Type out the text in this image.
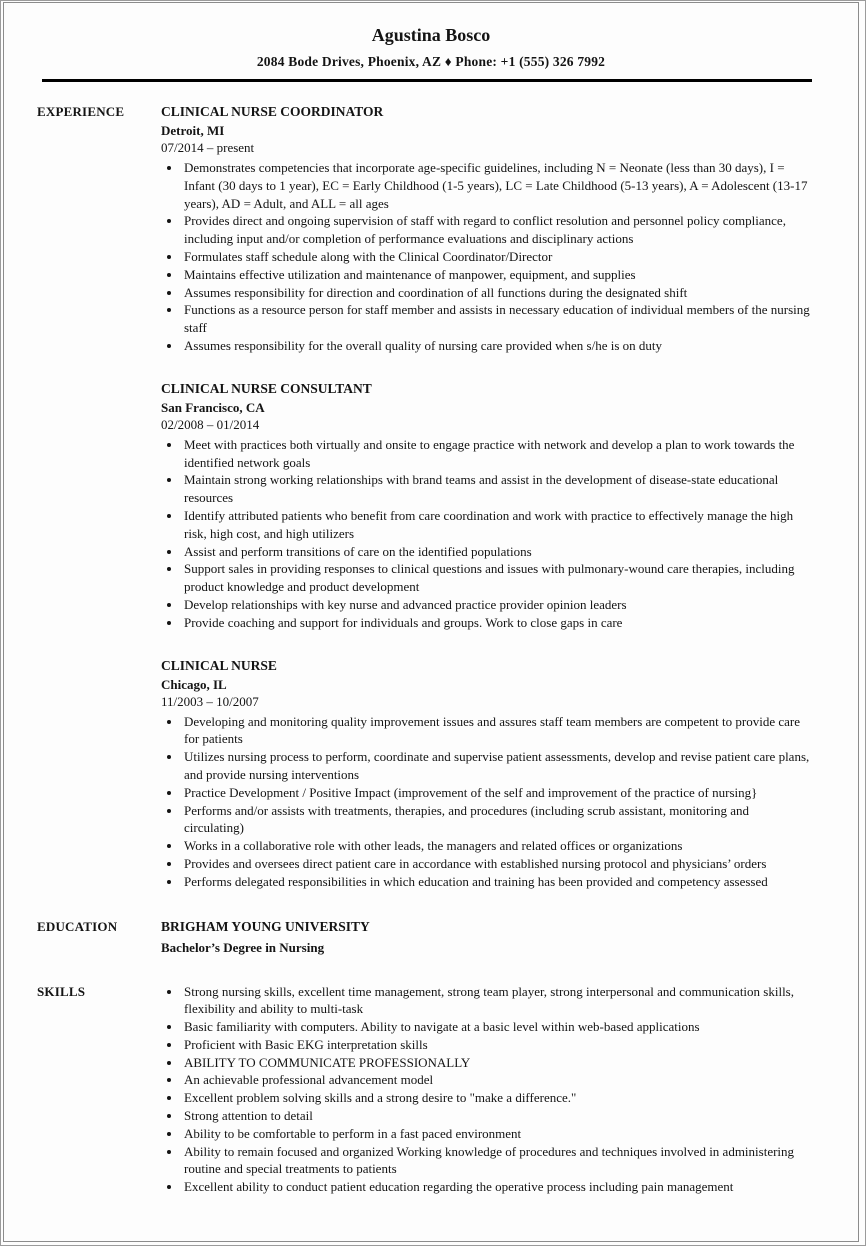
Agustina Bosco
2084 Bode Drives, Phoenix, AZ ♦ Phone: +1 (555) 326 7992
EXPERIENCE	CLINICAL NURSE COORDINATOR
Detroit, MI
07/2014 – present
• Demonstrates competencies that incorporate age-specific guidelines, including N = Neonate (less than 30 days), I = Infant (30 days to 1 year), EC = Early Childhood (1-5 years), LC = Late Childhood (5-13 years), A = Adolescent (13-17 years), AD = Adult, and ALL = all ages
• Provides direct and ongoing supervision of staff with regard to conflict resolution and personnel policy compliance, including input and/or completion of performance evaluations and disciplinary actions
• Formulates staff schedule along with the Clinical Coordinator/Director
• Maintains effective utilization and maintenance of manpower, equipment, and supplies
• Assumes responsibility for direction and coordination of all functions during the designated shift
• Functions as a resource person for staff member and assists in necessary education of individual members of the nursing staff
• Assumes responsibility for the overall quality of nursing care provided when s/he is on duty
CLINICAL NURSE CONSULTANT
San Francisco, CA
02/2008 – 01/2014
• Meet with practices both virtually and onsite to engage practice with network and develop a plan to work towards the identified network goals
• Maintain strong working relationships with brand teams and assist in the development of disease-state educational resources
• Identify attributed patients who benefit from care coordination and work with practice to effectively manage the high risk, high cost, and high utilizers
• Assist and perform transitions of care on the identified populations
• Support sales in providing responses to clinical questions and issues with pulmonary-wound care therapies, including product knowledge and product development
• Develop relationships with key nurse and advanced practice provider opinion leaders
• Provide coaching and support for individuals and groups. Work to close gaps in care
CLINICAL NURSE
Chicago, IL
11/2003 – 10/2007
• Developing and monitoring quality improvement issues and assures staff team members are competent to provide care for patients
• Utilizes nursing process to perform, coordinate and supervise patient assessments, develop and revise patient care plans, and provide nursing interventions
• Practice Development / Positive Impact (improvement of the self and improvement of the practice of nursing}
• Performs and/or assists with treatments, therapies, and procedures (including scrub assistant, monitoring and circulating)
• Works in a collaborative role with other leads, the managers and related offices or organizations
• Provides and oversees direct patient care in accordance with established nursing protocol and physicians’ orders
• Performs delegated responsibilities in which education and training has been provided and competency assessed
EDUCATION	BRIGHAM YOUNG UNIVERSITY
Bachelor’s Degree in Nursing
SKILLS	• Strong nursing skills, excellent time management, strong team player, strong interpersonal and communication skills, flexibility and ability to multi-task
• Basic familiarity with computers. Ability to navigate at a basic level within web-based applications
• Proficient with Basic EKG interpretation skills
• ABILITY TO COMMUNICATE PROFESSIONALLY
• An achievable professional advancement model
• Excellent problem solving skills and a strong desire to "make a difference."
• Strong attention to detail
• Ability to be comfortable to perform in a fast paced environment
• Ability to remain focused and organized Working knowledge of procedures and techniques involved in administering routine and special treatments to patients
• Excellent ability to conduct patient education regarding the operative process including pain management
